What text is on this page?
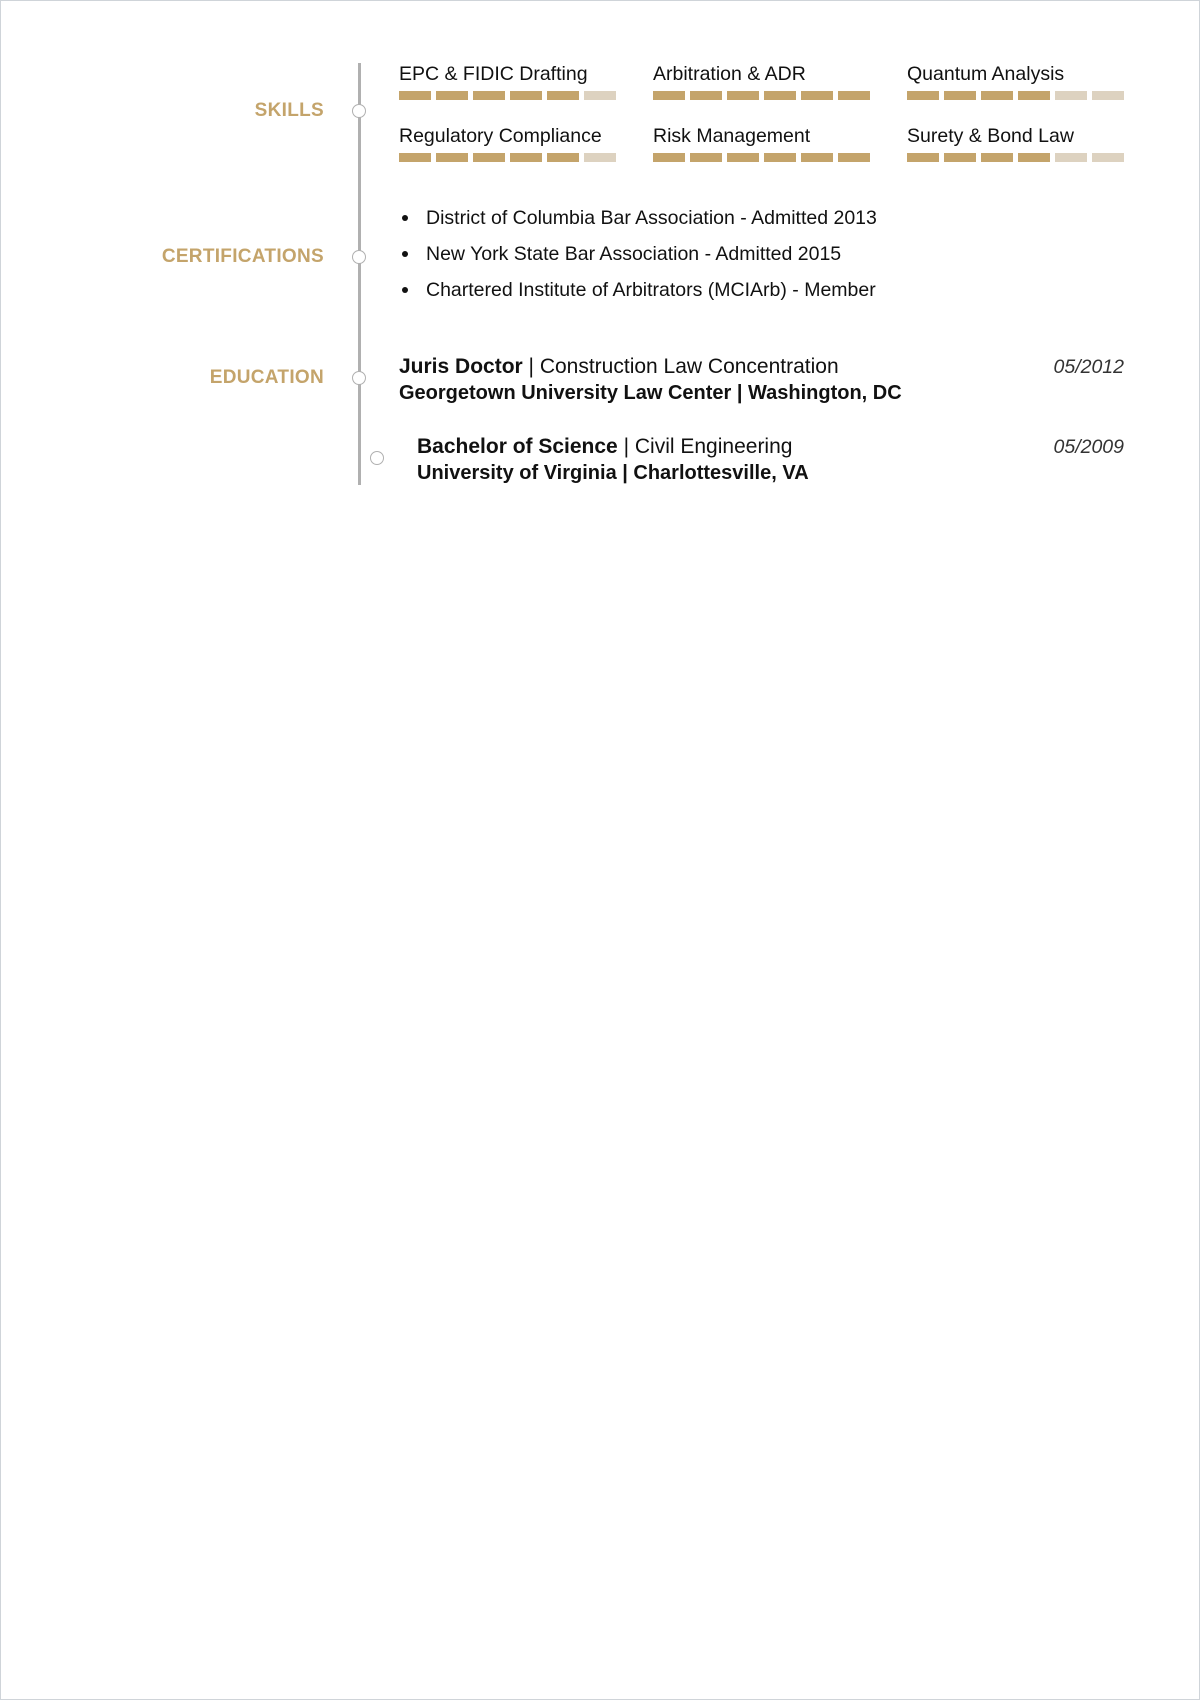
SKILLS
EPC & FIDIC Drafting	Arbitration & ADR	Quantum Analysis
Regulatory Compliance	Risk Management	Surety & Bond Law
CERTIFICATIONS
District of Columbia Bar Association - Admitted 2013
New York State Bar Association - Admitted 2015
Chartered Institute of Arbitrators (MCIArb) - Member
EDUCATION	Juris Doctor | Construction Law Concentration
Georgetown University Law Center | Washington, DC
05/2012
Bachelor of Science | Civil Engineering
University of Virginia | Charlottesville, VA
05/2009
